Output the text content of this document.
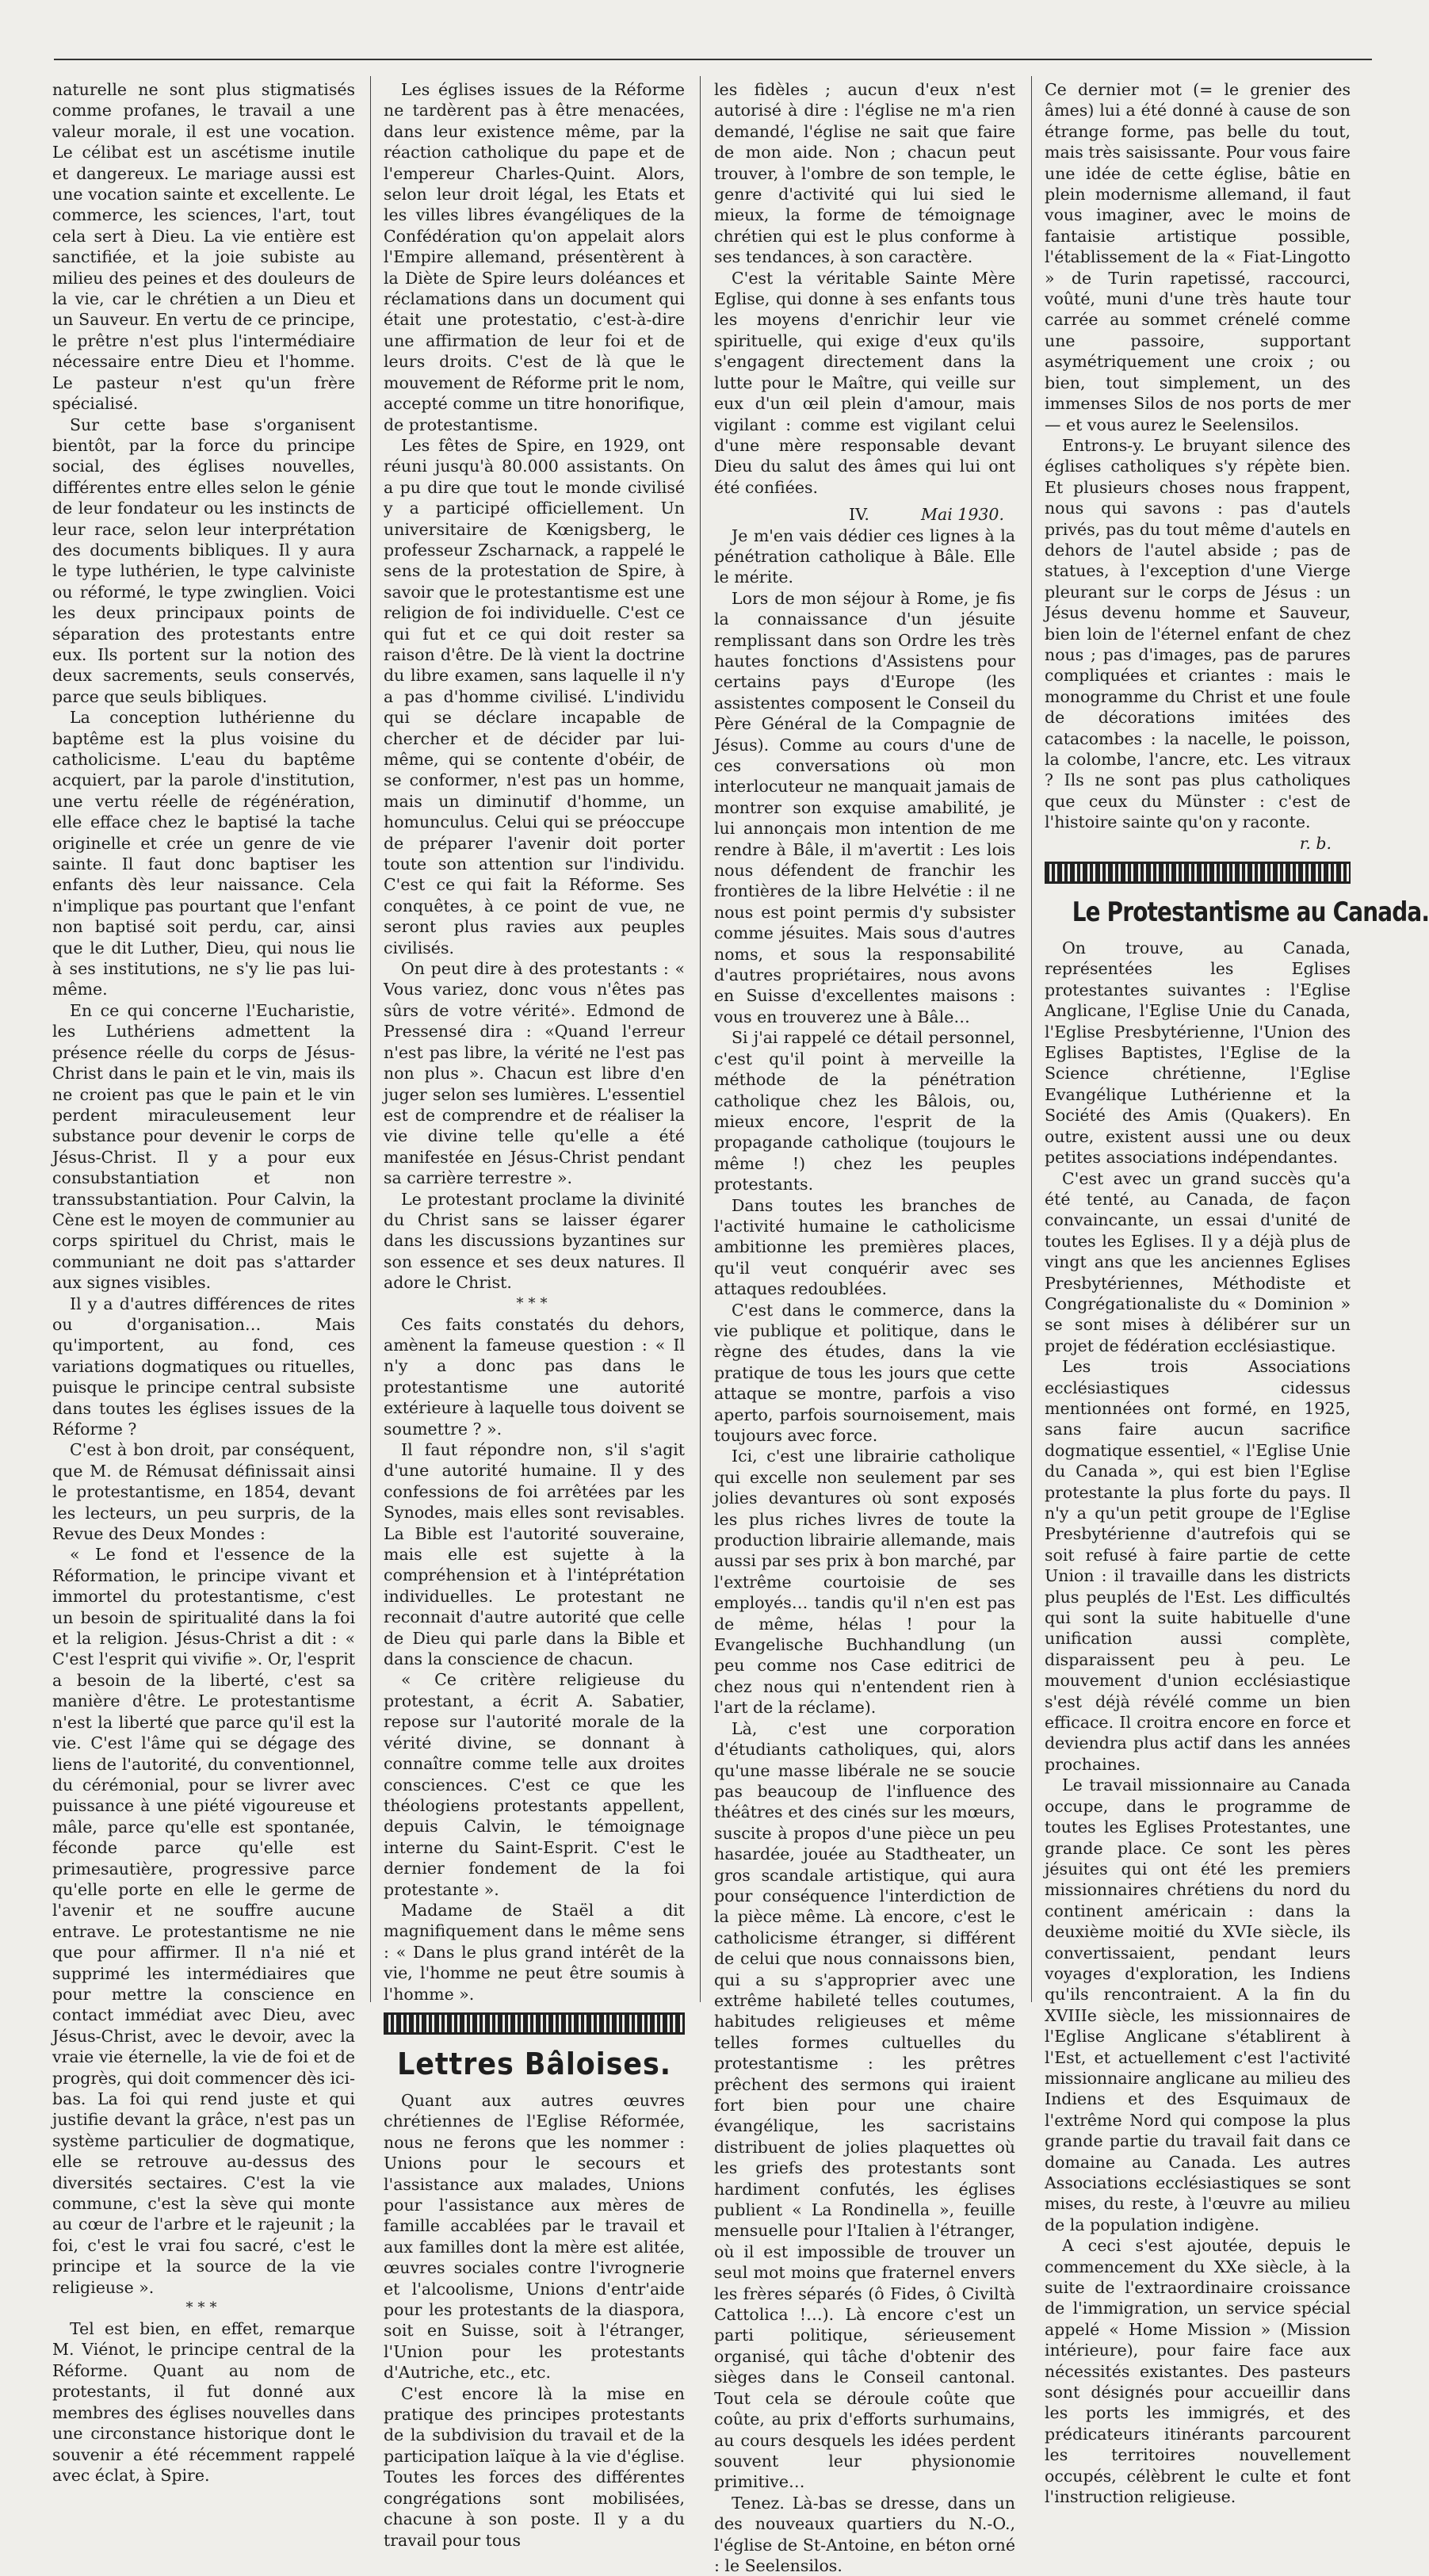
naturelle ne sont plus stigmatisés comme profanes, le travail a une valeur morale, il est une vocation. Le célibat est un ascétisme inutile et dangereux. Le mariage aussi est une vocation sainte et excellente. Le commerce, les sciences, l'art, tout cela sert à Dieu. La vie entière est sanctifiée, et la joie subiste au milieu des peines et des douleurs de la vie, car le chrétien a un Dieu et un Sauveur. En vertu de ce principe, le prêtre n'est plus l'intermédiaire nécessaire entre Dieu et l'homme. Le pasteur n'est qu'un frère spécialisé.

Sur cette base s'organisent bientôt, par la force du principe social, des églises nouvelles, différentes entre elles selon le génie de leur fondateur ou les instincts de leur race, selon leur interprétation des documents bibliques. Il y aura le type luthérien, le type calviniste ou réformé, le type zwinglien. Voici les deux principaux points de séparation des protestants entre eux. Ils portent sur la notion des deux sacrements, seuls conservés, parce que seuls bibliques.

La conception luthérienne du baptême est la plus voisine du catholicisme. L'eau du baptême acquiert, par la parole d'institution, une vertu réelle de régénération, elle efface chez le baptisé la tache originelle et crée un genre de vie sainte. Il faut donc baptiser les enfants dès leur naissance. Cela n'implique pas pourtant que l'enfant non baptisé soit perdu, car, ainsi que le dit Luther, Dieu, qui nous lie à ses institutions, ne s'y lie pas lui-même.

En ce qui concerne l'Eucharistie, les Luthériens admettent la présence réelle du corps de Jésus-Christ dans le pain et le vin, mais ils ne croient pas que le pain et le vin perdent miraculeusement leur substance pour devenir le corps de Jésus-Christ. Il y a pour eux consubstantiation et non transsubstantiation. Pour Calvin, la Cène est le moyen de communier au corps spirituel du Christ, mais le communiant ne doit pas s'attarder aux signes visibles.

Il y a d'autres différences de rites ou d'organisation… Mais qu'importent, au fond, ces variations dogmatiques ou rituelles, puisque le principe central subsiste dans toutes les églises issues de la Réforme ?

C'est à bon droit, par conséquent, que M. de Rémusat définissait ainsi le protestantisme, en 1854, devant les lecteurs, un peu surpris, de la Revue des Deux Mondes :

« Le fond et l'essence de la Réformation, le principe vivant et immortel du protestantisme, c'est un besoin de spiritualité dans la foi et la religion. Jésus-Christ a dit : « C'est l'esprit qui vivifie ». Or, l'esprit a besoin de la liberté, c'est sa manière d'être. Le protestantisme n'est la liberté que parce qu'il est la vie. C'est l'âme qui se dégage des liens de l'autorité, du conventionnel, du cérémonial, pour se livrer avec puissance à une piété vigoureuse et mâle, parce qu'elle est spontanée, féconde parce qu'elle est primesautière, progressive parce qu'elle porte en elle le germe de l'avenir et ne souffre aucune entrave. Le protestantisme ne nie que pour affirmer. Il n'a nié et supprimé les intermédiaires que pour mettre la conscience en contact immédiat avec Dieu, avec Jésus-Christ, avec le devoir, avec la vraie vie éternelle, la vie de foi et de progrès, qui doit commencer dès ici-bas. La foi qui rend juste et qui justifie devant la grâce, n'est pas un système particulier de dogmatique, elle se retrouve au-dessus des diversités sectaires. C'est la vie commune, c'est la sève qui monte au cœur de l'arbre et le rajeunit ; la foi, c'est le vrai fou sacré, c'est le principe et la source de la vie religieuse ».

***

Tel est bien, en effet, remarque M. Viénot, le principe central de la Réforme. Quant au nom de protestants, il fut donné aux membres des églises nouvelles dans une circonstance historique dont le souvenir a été récemment rappelé avec éclat, à Spire.

Les églises issues de la Réforme ne tardèrent pas à être menacées, dans leur existence même, par la réaction catholique du pape et de l'empereur Charles-Quint. Alors, selon leur droit légal, les Etats et les villes libres évangéliques de la Confédération qu'on appelait alors l'Empire allemand, présentèrent à la Diète de Spire leurs doléances et réclamations dans un document qui était une protestatio, c'est-à-dire une affirmation de leur foi et de leurs droits. C'est de là que le mouvement de Réforme prit le nom, accepté comme un titre honorifique, de protestantisme.

Les fêtes de Spire, en 1929, ont réuni jusqu'à 80.000 assistants. On a pu dire que tout le monde civilisé y a participé officiellement. Un universitaire de Kœnigsberg, le professeur Zscharnack, a rappelé le sens de la protestation de Spire, à savoir que le protestantisme est une religion de foi individuelle. C'est ce qui fut et ce qui doit rester sa raison d'être. De là vient la doctrine du libre examen, sans laquelle il n'y a pas d'homme civilisé. L'individu qui se déclare incapable de chercher et de décider par lui-même, qui se contente d'obéir, de se conformer, n'est pas un homme, mais un diminutif d'homme, un homunculus. Celui qui se préoccupe de préparer l'avenir doit porter toute son attention sur l'individu. C'est ce qui fait la Réforme. Ses conquêtes, à ce point de vue, ne seront plus ravies aux peuples civilisés.

On peut dire à des protestants : « Vous variez, donc vous n'êtes pas sûrs de votre vérité». Edmond de Pressensé dira : «Quand l'erreur n'est pas libre, la vérité ne l'est pas non plus ». Chacun est libre d'en juger selon ses lumières. L'essentiel est de comprendre et de réaliser la vie divine telle qu'elle a été manifestée en Jésus-Christ pendant sa carrière terrestre ».

Le protestant proclame la divinité du Christ sans se laisser égarer dans les discussions byzantines sur son essence et ses deux natures. Il adore le Christ.

***

Ces faits constatés du dehors, amènent la fameuse question : « Il n'y a donc pas dans le protestantisme une autorité extérieure à laquelle tous doivent se soumettre ? ».

Il faut répondre non, s'il s'agit d'une autorité humaine. Il y des confessions de foi arrêtées par les Synodes, mais elles sont revisables. La Bible est l'autorité souveraine, mais elle est sujette à la compréhension et à l'intéprétation individuelles. Le protestant ne reconnait d'autre autorité que celle de Dieu qui parle dans la Bible et dans la conscience de chacun.

« Ce critère religieuse du protestant, a écrit A. Sabatier, repose sur l'autorité morale de la vérité divine, se donnant à connaître comme telle aux droites consciences. C'est ce que les théologiens protestants appellent, depuis Calvin, le témoignage interne du Saint-Esprit. C'est le dernier fondement de la foi protestante ».

Madame de Staël a dit magnifiquement dans le même sens : « Dans le plus grand intérêt de la vie, l'homme ne peut être soumis à l'homme ».

Lettres Bâloises.

Quant aux autres œuvres chrétiennes de l'Eglise Réformée, nous ne ferons que les nommer : Unions pour le secours et l'assistance aux malades, Unions pour l'assistance aux mères de famille accablées par le travail et aux familles dont la mère est alitée, œuvres sociales contre l'ivrognerie et l'alcoolisme, Unions d'entr'aide pour les protestants de la diaspora, soit en Suisse, soit à l'étranger, l'Union pour les protestants d'Autriche, etc., etc.

C'est encore là la mise en pratique des principes protestants de la subdivision du travail et de la participation laïque à la vie d'église. Toutes les forces des différentes congrégations sont mobilisées, chacune à son poste. Il y a du travail pour tous

les fidèles ; aucun d'eux n'est autorisé à dire : l'église ne m'a rien demandé, l'église ne sait que faire de mon aide. Non ; chacun peut trouver, à l'ombre de son temple, le genre d'activité qui lui sied le mieux, la forme de témoignage chrétien qui est le plus conforme à ses tendances, à son caractère.

C'est la véritable Sainte Mère Eglise, qui donne à ses enfants tous les moyens d'enrichir leur vie spirituelle, qui exige d'eux qu'ils s'engagent directement dans la lutte pour le Maître, qui veille sur eux d'un œil plein d'amour, mais vigilant : comme est vigilant celui d'une mère responsable devant Dieu du salut des âmes qui lui ont été confiées.

IV.	Mai 1930.

Je m'en vais dédier ces lignes à la pénétration catholique à Bâle. Elle le mérite.

Lors de mon séjour à Rome, je fis la connaissance d'un jésuite remplissant dans son Ordre les très hautes fonctions d'Assistens pour certains pays d'Europe (les assistentes composent le Conseil du Père Général de la Compagnie de Jésus). Comme au cours d'une de ces conversations où mon interlocuteur ne manquait jamais de montrer son exquise amabilité, je lui annonçais mon intention de me rendre à Bâle, il m'avertit : Les lois nous défendent de franchir les frontières de la libre Helvétie : il ne nous est point permis d'y subsister comme jésuites. Mais sous d'autres noms, et sous la responsabilité d'autres propriétaires, nous avons en Suisse d'excellentes maisons : vous en trouverez une à Bâle…

Si j'ai rappelé ce détail personnel, c'est qu'il point à merveille la méthode de la pénétration catholique chez les Bâlois, ou, mieux encore, l'esprit de la propagande catholique (toujours le même !) chez les peuples protestants.

Dans toutes les branches de l'activité humaine le catholicisme ambitionne les premières places, qu'il veut conquérir avec ses attaques redoublées.

C'est dans le commerce, dans la vie publique et politique, dans le règne des études, dans la vie pratique de tous les jours que cette attaque se montre, parfois a viso aperto, parfois sournoisement, mais toujours avec force.

Ici, c'est une librairie catholique qui excelle non seulement par ses jolies devantures où sont exposés les plus riches livres de toute la production librairie allemande, mais aussi par ses prix à bon marché, par l'extrême courtoisie de ses employés… tandis qu'il n'en est pas de même, hélas ! pour la Evangelische Buchhandlung (un peu comme nos Case editrici de chez nous qui n'entendent rien à l'art de la réclame).

Là, c'est une corporation d'étudiants catholiques, qui, alors qu'une masse libérale ne se soucie pas beaucoup de l'influence des théâtres et des cinés sur les mœurs, suscite à propos d'une pièce un peu hasardée, jouée au Stadtheater, un gros scandale artistique, qui aura pour conséquence l'interdiction de la pièce même. Là encore, c'est le catholicisme étranger, si différent de celui que nous connaissons bien, qui a su s'approprier avec une extrême habileté telles coutumes, habitudes religieuses et même telles formes cultuelles du protestantisme : les prêtres prêchent des sermons qui iraient fort bien pour une chaire évangélique, les sacristains distribuent de jolies plaquettes où les griefs des protestants sont hardiment confutés, les églises publient « La Rondinella », feuille mensuelle pour l'Italien à l'étranger, où il est impossible de trouver un seul mot moins que fraternel envers les frères séparés (ô Fides, ô Civiltà Cattolica !…). Là encore c'est un parti politique, sérieusement organisé, qui tâche d'obtenir des sièges dans le Conseil cantonal. Tout cela se déroule coûte que coûte, au prix d'efforts surhumains, au cours desquels les idées perdent souvent leur physionomie primitive…

Tenez. Là-bas se dresse, dans un des nouveaux quartiers du N.-O., l'église de St-Antoine, en béton orné : le Seelensilos.

Ce dernier mot (= le grenier des âmes) lui a été donné à cause de son étrange forme, pas belle du tout, mais très saisissante. Pour vous faire une idée de cette église, bâtie en plein modernisme allemand, il faut vous imaginer, avec le moins de fantaisie artistique possible, l'établissement de la « Fiat-Lingotto » de Turin rapetissé, raccourci, voûté, muni d'une très haute tour carrée au sommet crénelé comme une passoire, supportant asymétriquement une croix ; ou bien, tout simplement, un des immenses Silos de nos ports de mer — et vous aurez le Seelensilos.

Entrons-y. Le bruyant silence des églises catholiques s'y répète bien. Et plusieurs choses nous frappent, nous qui savons : pas d'autels privés, pas du tout même d'autels en dehors de l'autel abside ; pas de statues, à l'exception d'une Vierge pleurant sur le corps de Jésus : un Jésus devenu homme et Sauveur, bien loin de l'éternel enfant de chez nous ; pas d'images, pas de parures compliquées et criantes : mais le monogramme du Christ et une foule de décorations imitées des catacombes : la nacelle, le poisson, la colombe, l'ancre, etc. Les vitraux ? Ils ne sont pas plus catholiques que ceux du Münster : c'est de l'histoire sainte qu'on y raconte.

r. b.
Le Protestantisme au Canada.

On trouve, au Canada, représentées les Eglises protestantes suivantes : l'Eglise Anglicane, l'Eglise Unie du Canada, l'Eglise Presbytérienne, l'Union des Eglises Baptistes, l'Eglise de la Science chrétienne, l'Eglise Evangélique Luthérienne et la Société des Amis (Quakers). En outre, existent aussi une ou deux petites associations indépendantes.

C'est avec un grand succès qu'a été tenté, au Canada, de façon convaincante, un essai d'unité de toutes les Eglises. Il y a déjà plus de vingt ans que les anciennes Eglises Presbytériennes, Méthodiste et Congrégationaliste du « Dominion » se sont mises à délibérer sur un projet de fédération ecclésiastique.

Les trois Associations ecclésiastiques cidessus mentionnées ont formé, en 1925, sans faire aucun sacrifice dogmatique essentiel, « l'Eglise Unie du Canada », qui est bien l'Eglise protestante la plus forte du pays. Il n'y a qu'un petit groupe de l'Eglise Presbytérienne d'autrefois qui se soit refusé à faire partie de cette Union : il travaille dans les districts plus peuplés de l'Est. Les difficultés qui sont la suite habituelle d'une unification aussi complète, disparaissent peu à peu. Le mouvement d'union ecclésiastique s'est déjà révélé comme un bien efficace. Il croitra encore en force et deviendra plus actif dans les années prochaines.

Le travail missionnaire au Canada occupe, dans le programme de toutes les Eglises Protestantes, une grande place. Ce sont les pères jésuites qui ont été les premiers missionnaires chrétiens du nord du continent américain : dans la deuxième moitié du XVIe siècle, ils convertissaient, pendant leurs voyages d'exploration, les Indiens qu'ils rencontraient. A la fin du XVIIIe siècle, les missionnaires de l'Eglise Anglicane s'établirent à l'Est, et actuellement c'est l'activité missionnaire anglicane au milieu des Indiens et des Esquimaux de l'extrême Nord qui compose la plus grande partie du travail fait dans ce domaine au Canada. Les autres Associations ecclésiastiques se sont mises, du reste, à l'œuvre au milieu de la population indigène.

A ceci s'est ajoutée, depuis le commencement du XXe siècle, à la suite de l'extraordinaire croissance de l'immigration, un service spécial appelé « Home Mission » (Mission intérieure), pour faire face aux nécessités existantes. Des pasteurs sont désignés pour accueillir dans les ports les immigrés, et des prédicateurs itinérants parcourent les territoires nouvellement occupés, célèbrent le culte et font l'instruction religieuse.
